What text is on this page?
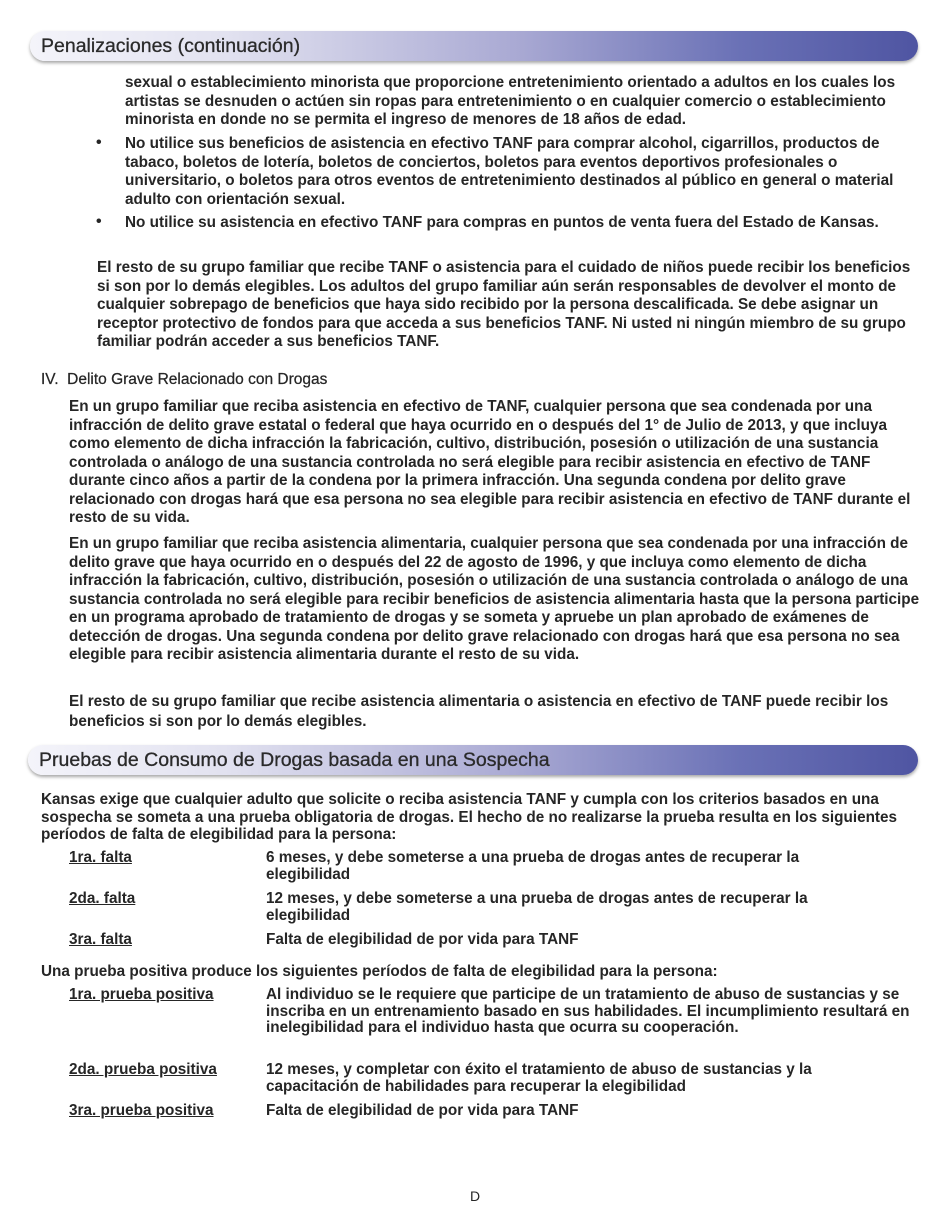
Penalizaciones (continuación)

sexual o establecimiento minorista que proporcione entretenimiento orientado a adultos en los cuales los artistas se desnuden o actúen sin ropas para entretenimiento o en cualquier comercio o establecimiento minorista en donde no se permita el ingreso de menores de 18 años de edad.

• No utilice sus beneficios de asistencia en efectivo TANF para comprar alcohol, cigarrillos, productos de tabaco, boletos de lotería, boletos de conciertos, boletos para eventos deportivos profesionales o universitario, o boletos para otros eventos de entretenimiento destinados al público en general o material adulto con orientación sexual.

• No utilice su asistencia en efectivo TANF para compras en puntos de venta fuera del Estado de Kansas.

El resto de su grupo familiar que recibe TANF o asistencia para el cuidado de niños puede recibir los beneficios si son por lo demás elegibles. Los adultos del grupo familiar aún serán responsables de devolver el monto de cualquier sobrepago de beneficios que haya sido recibido por la persona descalificada. Se debe asignar un receptor protectivo de fondos para que acceda a sus beneficios TANF. Ni usted ni ningún miembro de su grupo familiar podrán acceder a sus beneficios TANF.

IV. Delito Grave Relacionado con Drogas

En un grupo familiar que reciba asistencia en efectivo de TANF, cualquier persona que sea condenada por una infracción de delito grave estatal o federal que haya ocurrido en o después del 1° de Julio de 2013, y que incluya como elemento de dicha infracción la fabricación, cultivo, distribución, posesión o utilización de una sustancia controlada o análogo de una sustancia controlada no será elegible para recibir asistencia en efectivo de TANF durante cinco años a partir de la condena por la primera infracción. Una segunda condena por delito grave relacionado con drogas hará que esa persona no sea elegible para recibir asistencia en efectivo de TANF durante el resto de su vida.

En un grupo familiar que reciba asistencia alimentaria, cualquier persona que sea condenada por una infracción de delito grave que haya ocurrido en o después del 22 de agosto de 1996, y que incluya como elemento de dicha infracción la fabricación, cultivo, distribución, posesión o utilización de una sustancia controlada o análogo de una sustancia controlada no será elegible para recibir beneficios de asistencia alimentaria hasta que la persona participe en un programa aprobado de tratamiento de drogas y se someta y apruebe un plan aprobado de exámenes de detección de drogas. Una segunda condena por delito grave relacionado con drogas hará que esa persona no sea elegible para recibir asistencia alimentaria durante el resto de su vida.

El resto de su grupo familiar que recibe asistencia alimentaria o asistencia en efectivo de TANF puede recibir los beneficios si son por lo demás elegibles.

Pruebas de Consumo de Drogas basada en una Sospecha

Kansas exige que cualquier adulto que solicite o reciba asistencia TANF y cumpla con los criterios basados en una sospecha se someta a una prueba obligatoria de drogas. El hecho de no realizarse la prueba resulta en los siguientes períodos de falta de elegibilidad para la persona:

1ra. falta	6 meses, y debe someterse a una prueba de drogas antes de recuperar la elegibilidad
2da. falta	12 meses, y debe someterse a una prueba de drogas antes de recuperar la elegibilidad
3ra. falta	Falta de elegibilidad de por vida para TANF

Una prueba positiva produce los siguientes períodos de falta de elegibilidad para la persona:

1ra. prueba positiva	Al individuo se le requiere que participe de un tratamiento de abuso de sustancias y se inscriba en un entrenamiento basado en sus habilidades. El incumplimiento resultará en inelegibilidad para el individuo hasta que ocurra su cooperación.
2da. prueba positiva	12 meses, y completar con éxito el tratamiento de abuso de sustancias y la capacitación de habilidades para recuperar la elegibilidad
3ra. prueba positiva	Falta de elegibilidad de por vida para TANF
D
